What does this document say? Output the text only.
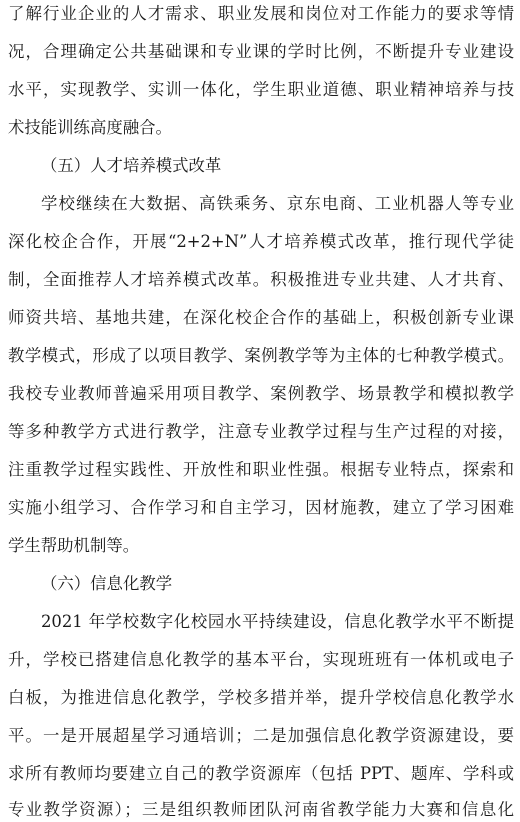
了解行业企业的人才需求、职业发展和岗位对工作能力的要求等情
况，合理确定公共基础课和专业课的学时比例，不断提升专业建设
水平，实现教学、实训一体化，学生职业道德、职业精神培养与技
术技能训练高度融合。
（五）人才培养模式改革
学校继续在大数据、高铁乘务、京东电商、工业机器人等专业
深化校企合作，开展“2+2+N”人才培养模式改革，推行现代学徒
制，全面推荐人才培养模式改革。积极推进专业共建、人才共育、
师资共培、基地共建，在深化校企合作的基础上，积极创新专业课
教学模式，形成了以项目教学、案例教学等为主体的七种教学模式。
我校专业教师普遍采用项目教学、案例教学、场景教学和模拟教学
等多种教学方式进行教学，注意专业教学过程与生产过程的对接，
注重教学过程实践性、开放性和职业性强。根据专业特点，探索和
实施小组学习、合作学习和自主学习，因材施教，建立了学习困难
学生帮助机制等。
（六）信息化教学
2021 年学校数字化校园水平持续建设，信息化教学水平不断提
升，学校已搭建信息化教学的基本平台，实现班班有一体机或电子
白板，为推进信息化教学，学校多措并举，提升学校信息化教学水
平。一是开展超星学习通培训；二是加强信息化教学资源建设，要
求所有教师均要建立自己的教学资源库（包括 PPT、题库、学科或
专业教学资源）；三是组织教师团队河南省教学能力大赛和信息化
